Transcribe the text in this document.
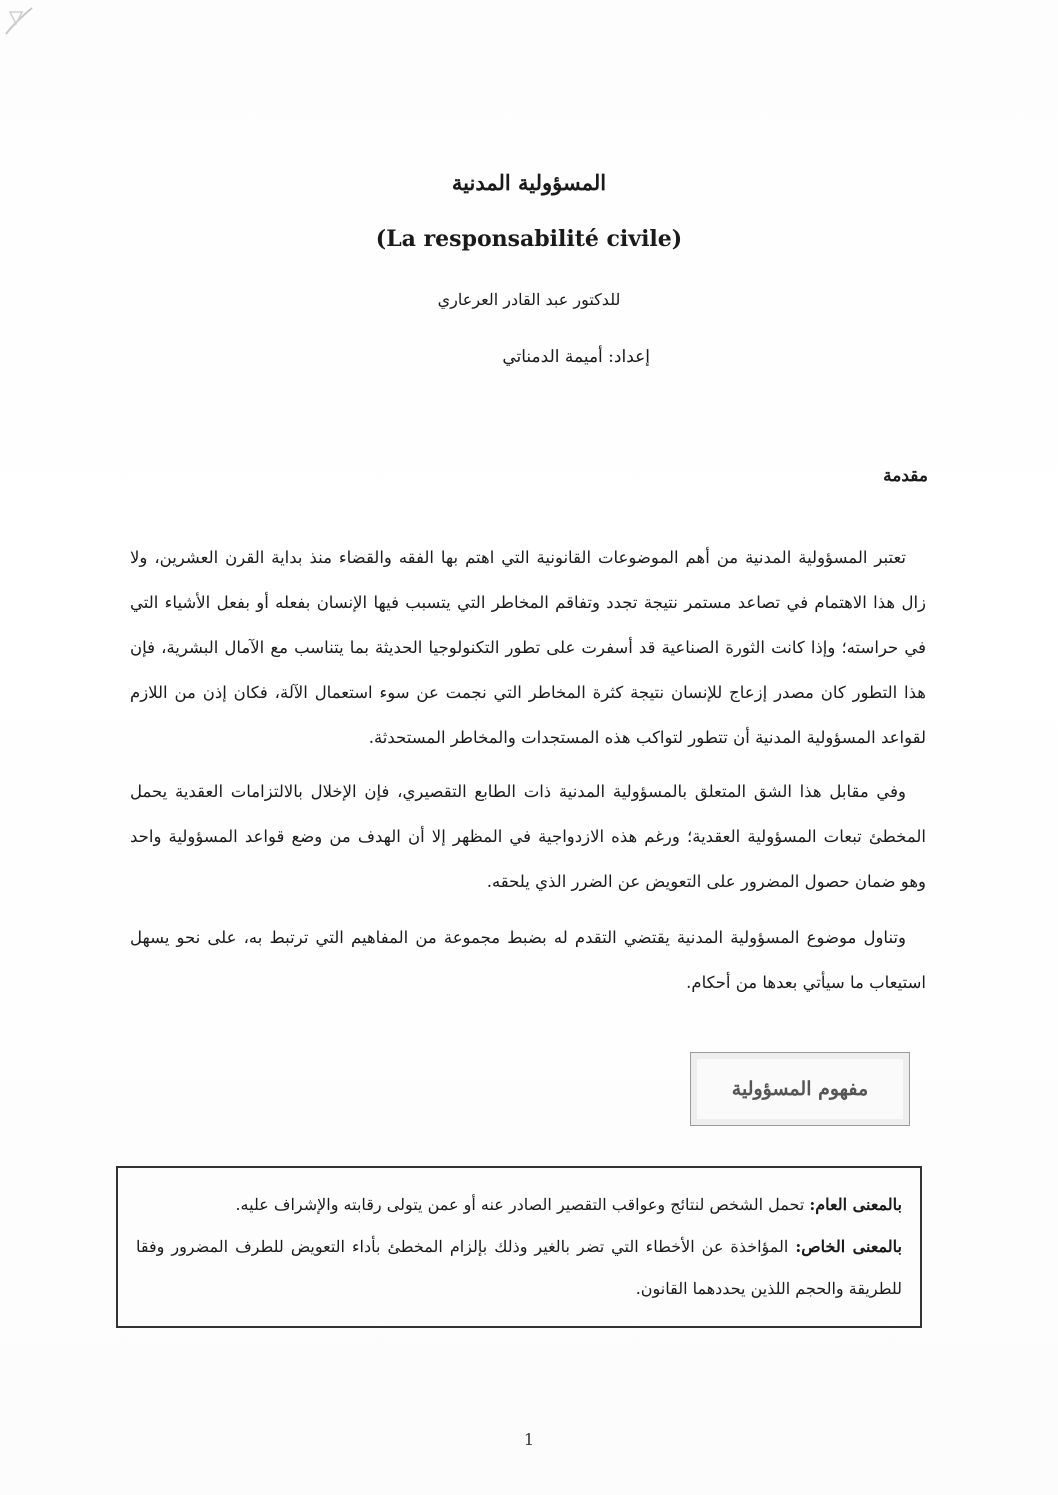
المسؤولية المدنية
(La responsabilité civile)
للدكتور عبد القادر العرعاري
إعداد: أميمة الدمناتي
مقدمة

تعتبر المسؤولية المدنية من أهم الموضوعات القانونية التي اهتم بها الفقه والقضاء منذ بداية القرن العشرين، ولا زال هذا الاهتمام في تصاعد مستمر نتيجة تجدد وتفاقم المخاطر التي يتسبب فيها الإنسان بفعله أو بفعل الأشياء التي في حراسته؛ وإذا كانت الثورة الصناعية قد أسفرت على تطور التكنولوجيا الحديثة بما يتناسب مع الآمال البشرية، فإن هذا التطور كان مصدر إزعاج للإنسان نتيجة كثرة المخاطر التي نجمت عن سوء استعمال الآلة، فكان إذن من اللازم لقواعد المسؤولية المدنية أن تتطور لتواكب هذه المستجدات والمخاطر المستحدثة.

وفي مقابل هذا الشق المتعلق بالمسؤولية المدنية ذات الطابع التقصيري، فإن الإخلال بالالتزامات العقدية يحمل المخطئ تبعات المسؤولية العقدية؛ ورغم هذه الازدواجية في المظهر إلا أن الهدف من وضع قواعد المسؤولية واحد وهو ضمان حصول المضرور على التعويض عن الضرر الذي يلحقه.

وتناول موضوع المسؤولية المدنية يقتضي التقدم له بضبط مجموعة من المفاهيم التي ترتبط به، على نحو يسهل استيعاب ما سيأتي بعدها من أحكام.

مفهوم المسؤولية

بالمعنى العام: تحمل الشخص لنتائج وعواقب التقصير الصادر عنه أو عمن يتولى رقابته والإشراف عليه.

بالمعنى الخاص: المؤاخذة عن الأخطاء التي تضر بالغير وذلك بإلزام المخطئ بأداء التعويض للطرف المضرور وفقا للطريقة والحجم اللذين يحددهما القانون.

1
